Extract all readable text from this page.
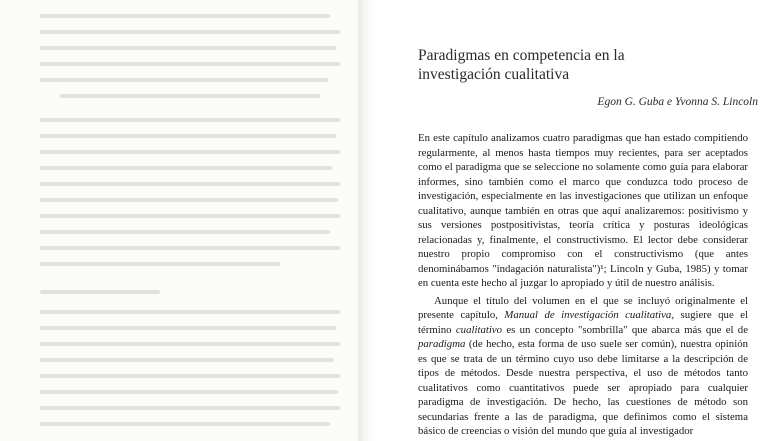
Paradigmas en competencia en la
investigación cualitativa
Egon G. Guba e Yvonna S. Lincoln

En este capítulo analizamos cuatro paradigmas que han estado compitiendo regularmente, al menos hasta tiempos muy recientes, para ser aceptados como el paradigma que se seleccione no solamente como guía para elaborar informes, sino también como el marco que conduzca todo proceso de investigación, especialmente en las investigaciones que utilizan un enfoque cualitativo, aunque también en otras que aquí analizaremos: positivismo y sus versiones postpositivistas, teoría crítica y posturas ideológicas relacionadas y, finalmente, el constructivismo. El lector debe considerar nuestro propio compromiso con el constructivismo (que antes denominábamos "indagación naturalista")¹; Lincoln y Guba, 1985) y tomar en cuenta este hecho al juzgar lo apropiado y útil de nuestro análisis.

Aunque el título del volumen en el que se incluyó originalmente el presente capítulo, Manual de investigación cualitativa, sugiere que el término cualitativo es un concepto "sombrilla" que abarca más que el de paradigma (de hecho, esta forma de uso suele ser común), nuestra opinión es que se trata de un término cuyo uso debe limitarse a la descripción de tipos de métodos. Desde nuestra perspectiva, el uso de métodos tanto cualitativos como cuantitativos puede ser apropiado para cualquier paradigma de investigación. De hecho, las cuestiones de método son secundarias frente a las de paradigma, que definimos como el sistema básico de creencias o visión del mundo que guía al investigador
